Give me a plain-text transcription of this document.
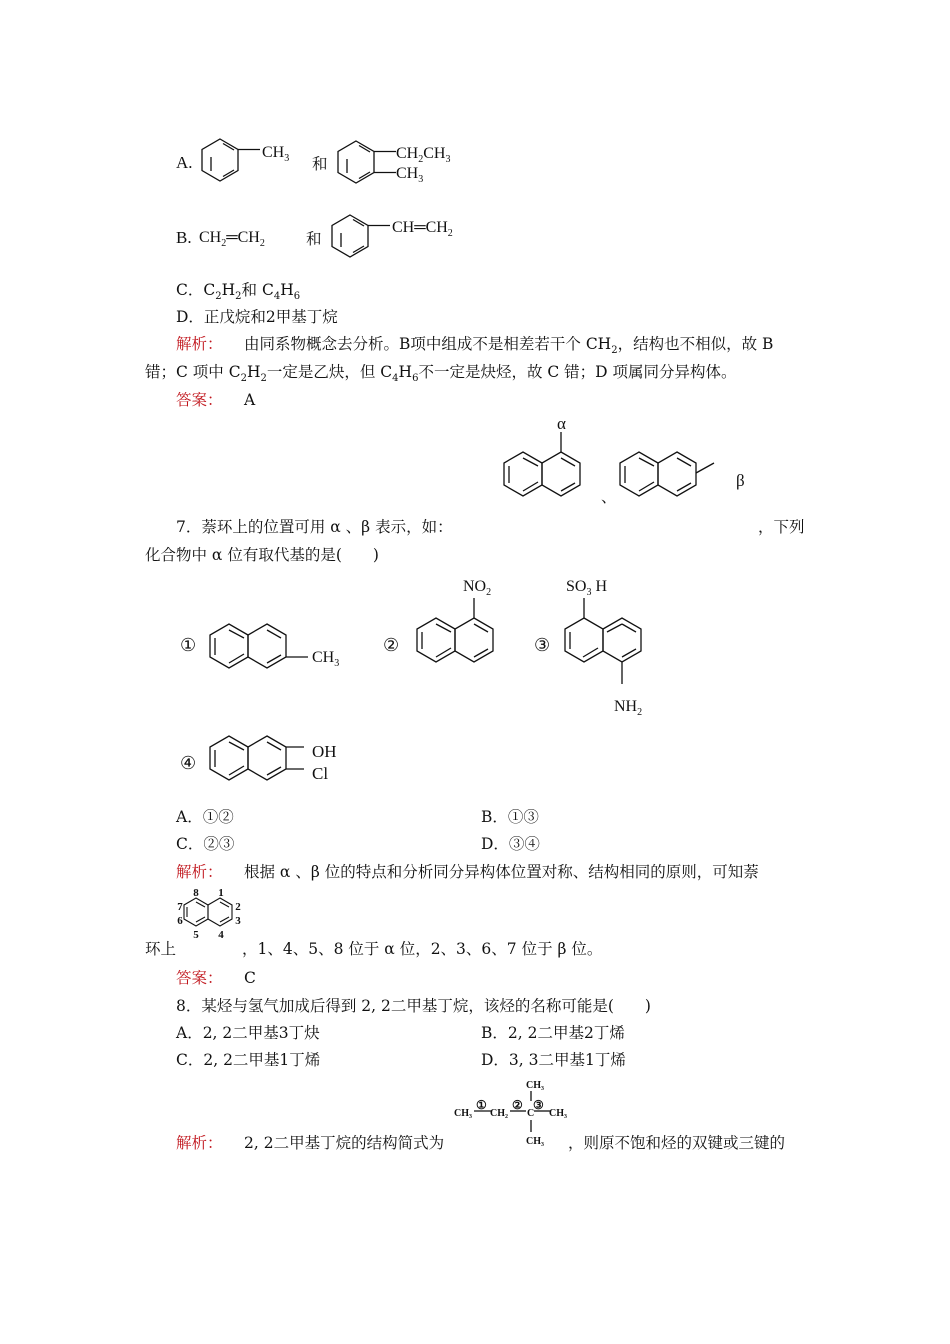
A.
$CH_3$ 和
$CH_2CH_3$
$CH_3$
B. $CH_2═CH_2$	和
$CH═CH_2$
C．$C_2H_2$和 $C_4H_6$
D．正戊烷和2甲基丁烷
解析： 由同系物概念去分析。B项中组成不是相差若干个 $CH_2$，结构也不相似，故 B
错；C 项中 $C_2H_2$一定是乙炔，但 $C_4H_6$不一定是炔烃，故 C 错；D 项属同分异构体。
答案： A
α
、
β
7．萘环上的位置可用 α 、β 表示，如：	，下列
化合物中 α 位有取代基的是(　　)
①
$CH_3$
②
$NO_2$
③
$SO_3$ H
$NH_2$
④
OH
Cl
A．①②	B．①③
C．②③	D．③④
解析： 根据 α 、β 位的特点和分析同分异构体位置对称、结构相同的原则，可知萘
8 1
7	2
6	3
5 4
环上	，1、4、5、8 位于 α 位，2、3、6、7 位于 β 位。
答案： C
8．某烃与氢气加成后得到 2, 2二甲基丁烷，该烃的名称可能是(　　)
A．2, 2二甲基3丁炔	B．2, 2二甲基2丁烯
C．2, 2二甲基1丁烯	D．3, 3二甲基1丁烯
CH₃
CH₃
①
CH₂
②
C
③
CH₃
CH₃
解析： 2, 2二甲基丁烷的结构简式为	，则原不饱和烃的双键或三键的
